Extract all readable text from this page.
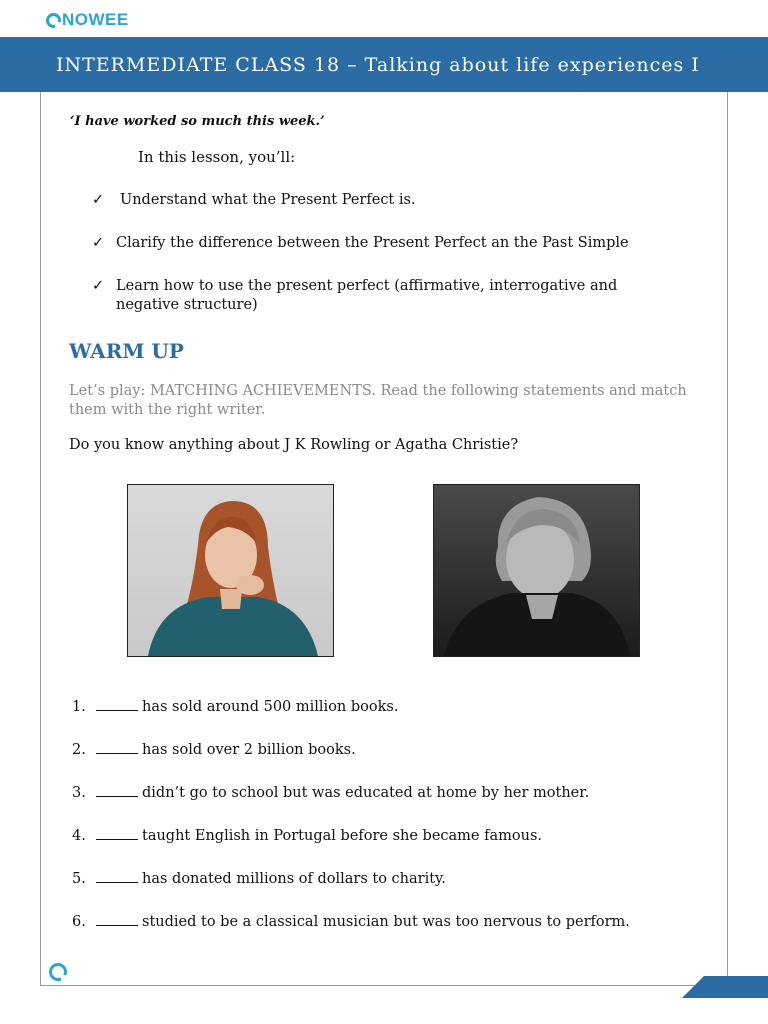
NOWEE
INTERMEDIATE CLASS 18 – Talking about life experiences I
‘I have worked so much this week.’
In this lesson, you’ll:
✓ Understand what the Present Perfect is.
✓ Clarify the difference between the Present Perfect an the Past Simple
✓ Learn how to use the present perfect (affirmative, interrogative and negative structure)
WARM UP
Let’s play: MATCHING ACHIEVEMENTS. Read the following statements and match them with the right writer.
Do you know anything about J K Rowling or Agatha Christie?
1.	has sold around 500 million books.
2.	has sold over 2 billion books.
3.	didn’t go to school but was educated at home by her mother.
4.	taught English in Portugal before she became famous.
5.	has donated millions of dollars to charity.
6.	studied to be a classical musician but was too nervous to perform.
